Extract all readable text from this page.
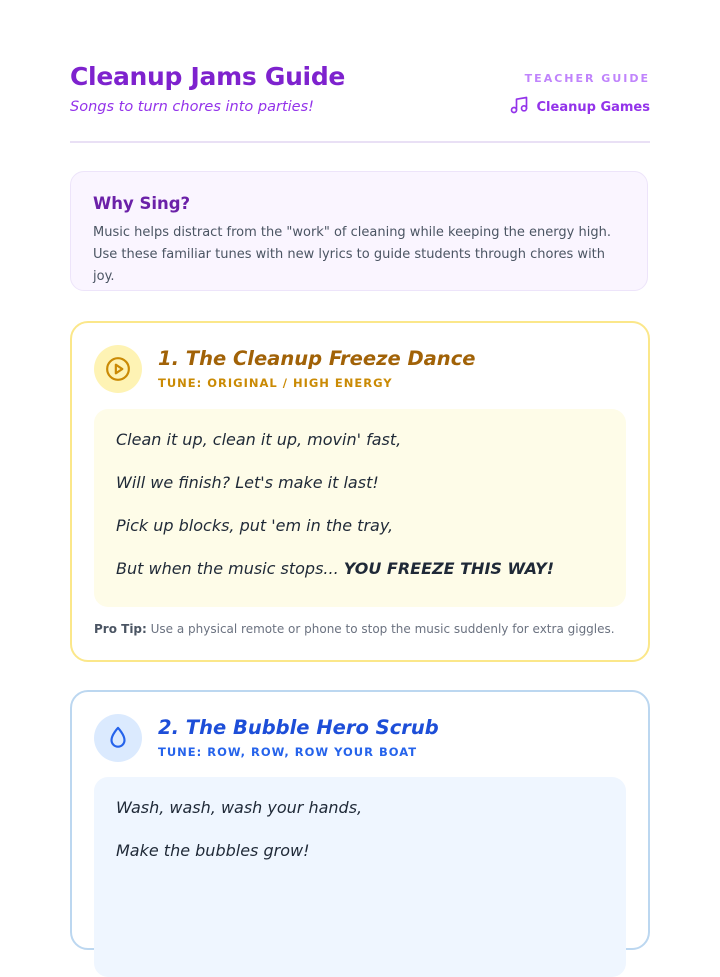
Cleanup Jams Guide
Songs to turn chores into parties!
TEACHER GUIDE
Cleanup Games
Why Sing?
Music helps distract from the "work" of cleaning while keeping the energy high. Use these familiar tunes with new lyrics to guide students through chores with joy.
1. The Cleanup Freeze Dance
TUNE: ORIGINAL / HIGH ENERGY

Clean it up, clean it up, movin' fast,

Will we finish? Let's make it last!

Pick up blocks, put 'em in the tray,

But when the music stops... YOU FREEZE THIS WAY!

Pro Tip: Use a physical remote or phone to stop the music suddenly for extra giggles.
2. The Bubble Hero Scrub
TUNE: ROW, ROW, ROW YOUR BOAT

Wash, wash, wash your hands,

Make the bubbles grow!
